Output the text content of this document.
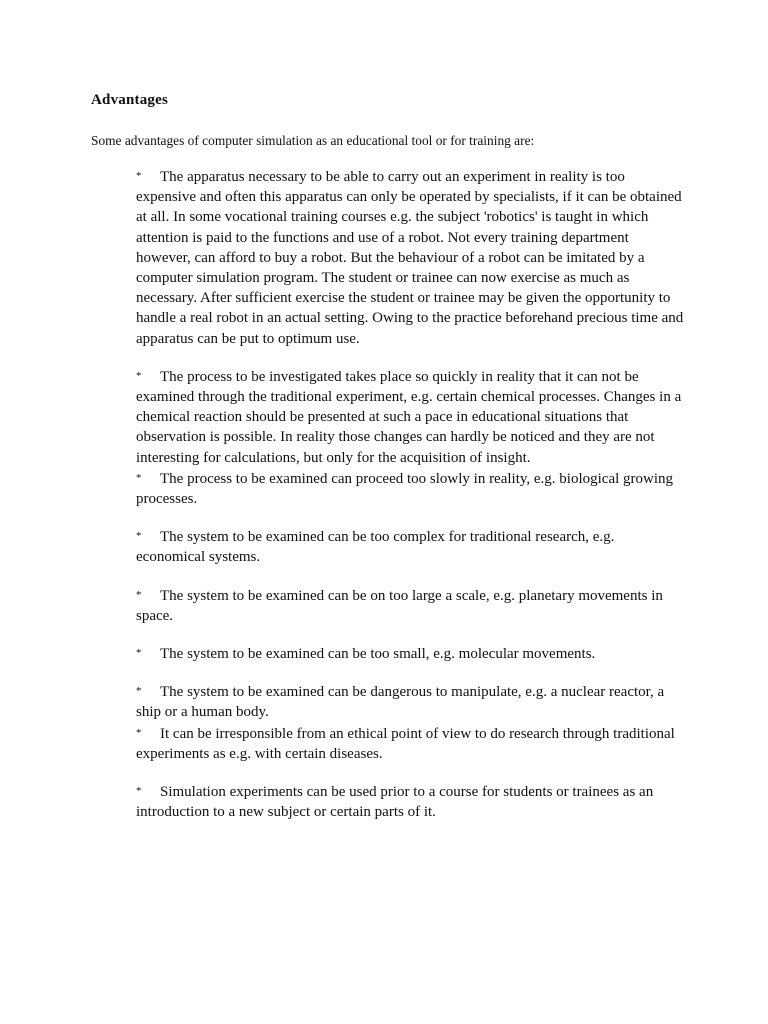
Advantages
Some advantages of computer simulation as an educational tool or for training are:

* The apparatus necessary to be able to carry out an experiment in reality is too expensive and often this apparatus can only be operated by specialists, if it can be obtained at all. In some vocational training courses e.g. the subject 'robotics' is taught in which attention is paid to the functions and use of a robot. Not every training department however, can afford to buy a robot. But the behaviour of a robot can be imitated by a computer simulation program. The student or trainee can now exercise as much as necessary. After sufficient exercise the student or trainee may be given the opportunity to handle a real robot in an actual setting. Owing to the practice beforehand precious time and apparatus can be put to optimum use.

* The process to be investigated takes place so quickly in reality that it can not be examined through the traditional experiment, e.g. certain chemical processes. Changes in a chemical reaction should be presented at such a pace in educational situations that observation is possible. In reality those changes can hardly be noticed and they are not interesting for calculations, but only for the acquisition of insight.

* The process to be examined can proceed too slowly in reality, e.g. biological growing processes.

* The system to be examined can be too complex for traditional research, e.g. economical systems.

* The system to be examined can be on too large a scale, e.g. planetary movements in space.

* The system to be examined can be too small, e.g. molecular movements.

* The system to be examined can be dangerous to manipulate, e.g. a nuclear reactor, a ship or a human body.

* It can be irresponsible from an ethical point of view to do research through traditional experiments as e.g. with certain diseases.

* Simulation experiments can be used prior to a course for students or trainees as an introduction to a new subject or certain parts of it.
